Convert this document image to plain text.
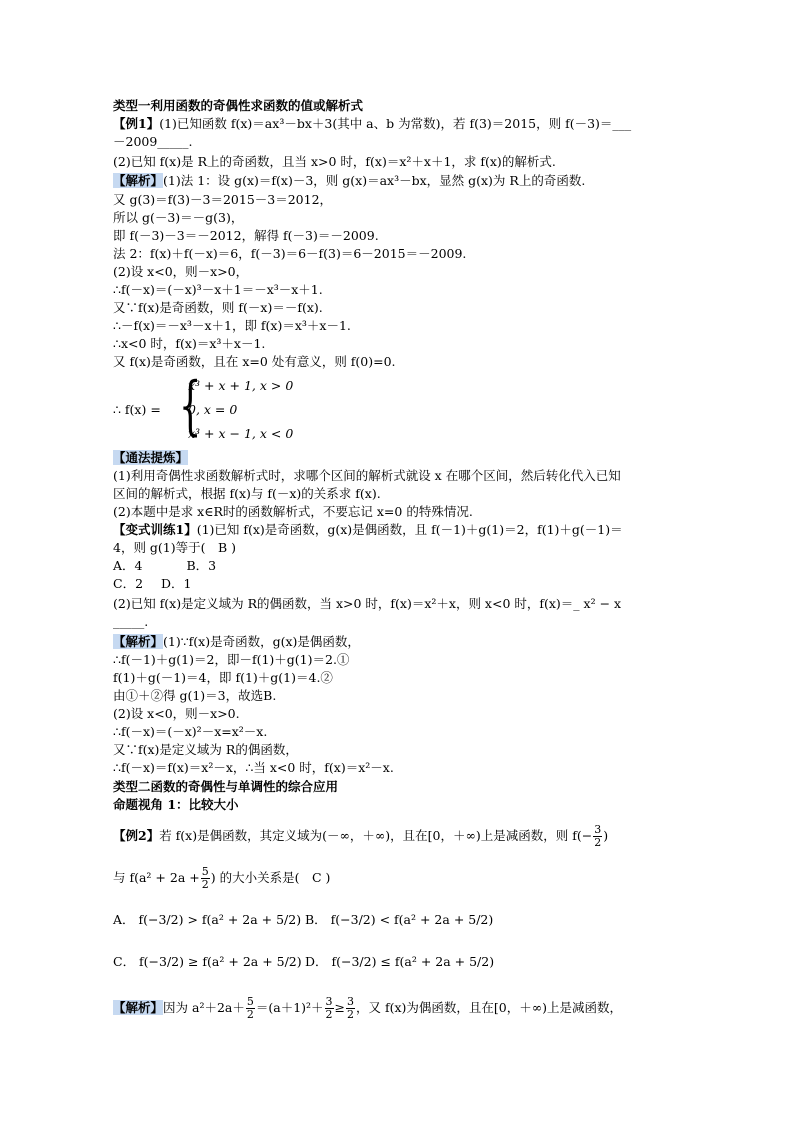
类型一利用函数的奇偶性求函数的值或解析式
【例1】(1)已知函数 f(x)＝ax³－bx＋3(其中 a、b 为常数)，若 f(3)＝2015，则 f(－3)＝___
－2009_____.
(2)已知 f(x)是 R上的奇函数，且当 x>0 时，f(x)＝x²＋x＋1，求 f(x)的解析式.
【解析】(1)法 1：设 g(x)＝f(x)－3，则 g(x)＝ax³－bx，显然 g(x)为 R上的奇函数.
又 g(3)＝f(3)－3＝2015－3＝2012，
所以 g(－3)＝－g(3)，
即 f(－3)－3＝－2012，解得 f(－3)＝－2009.
法 2：f(x)＋f(－x)＝6，f(－3)＝6－f(3)＝6－2015＝－2009.
(2)设 x<0，则－x>0，
∴f(－x)＝(－x)³－x＋1＝－x³－x＋1.
又∵f(x)是奇函数，则 f(－x)＝－f(x).
∴－f(x)＝－x³－x＋1，即 f(x)＝x³＋x－1.
∴x<0 时，f(x)＝x³＋x－1.
又 f(x)是奇函数，且在 x=0 处有意义，则 f(0)=0.
∴ f(x) = {
x³ + x + 1, x > 0
0, x = 0
x³ + x − 1, x < 0
【通法提炼】
(1)利用奇偶性求函数解析式时，求哪个区间的解析式就设 x 在哪个区间，然后转化代入已知
区间的解析式，根据 f(x)与 f(－x)的关系求 f(x).
(2)本题中是求 x∈R时的函数解析式，不要忘记 x=0 的特殊情况.
【变式训练1】(1)已知 f(x)是奇函数，g(x)是偶函数，且 f(－1)＋g(1)＝2，f(1)＋g(－1)＝
4，则 g(1)等于(　B )
A．4	B．3
C．2 D．1
(2)已知 f(x)是定义域为 R的偶函数，当 x>0 时，f(x)＝x²＋x，则 x<0 时，f(x)＝_ x² − x
_____.
【解析】(1)∵f(x)是奇函数，g(x)是偶函数，
∴f(－1)＋g(1)＝2，即－f(1)＋g(1)＝2.①
f(1)＋g(－1)＝4，即 f(1)＋g(1)＝4.②
由①＋②得 g(1)＝3，故选B.
(2)设 x<0，则－x>0.
∴f(－x)＝(－x)²－x=x²－x.
又∵f(x)是定义域为 R的偶函数，
∴f(－x)＝f(x)＝x²－x，∴当 x<0 时，f(x)＝x²－x.
类型二函数的奇偶性与单调性的综合应用
命题视角 1：比较大小
【例2】若 f(x)是偶函数，其定义域为(－∞，＋∞)，且在[0，＋∞)上是减函数，则 $f(- \frac{3}{2}$ )
与 $f(a^2 + 2a + \frac{5}{2}$ ) 的大小关系是(　C )
A． f(−3/2) > f(a² + 2a + 5/2) B． f(−3/2) < f(a² + 2a + 5/2)
C． f(−3/2) ≥ f(a² + 2a + 5/2) D． f(−3/2) ≤ f(a² + 2a + 5/2)
【解析】因为 $a^2+2a+ \frac{5}{2} =(a+1)^2+ \frac{3}{2} \ge \frac{3}{2}$ ，又 f(x)为偶函数，且在[0，＋∞)上是减函数，
